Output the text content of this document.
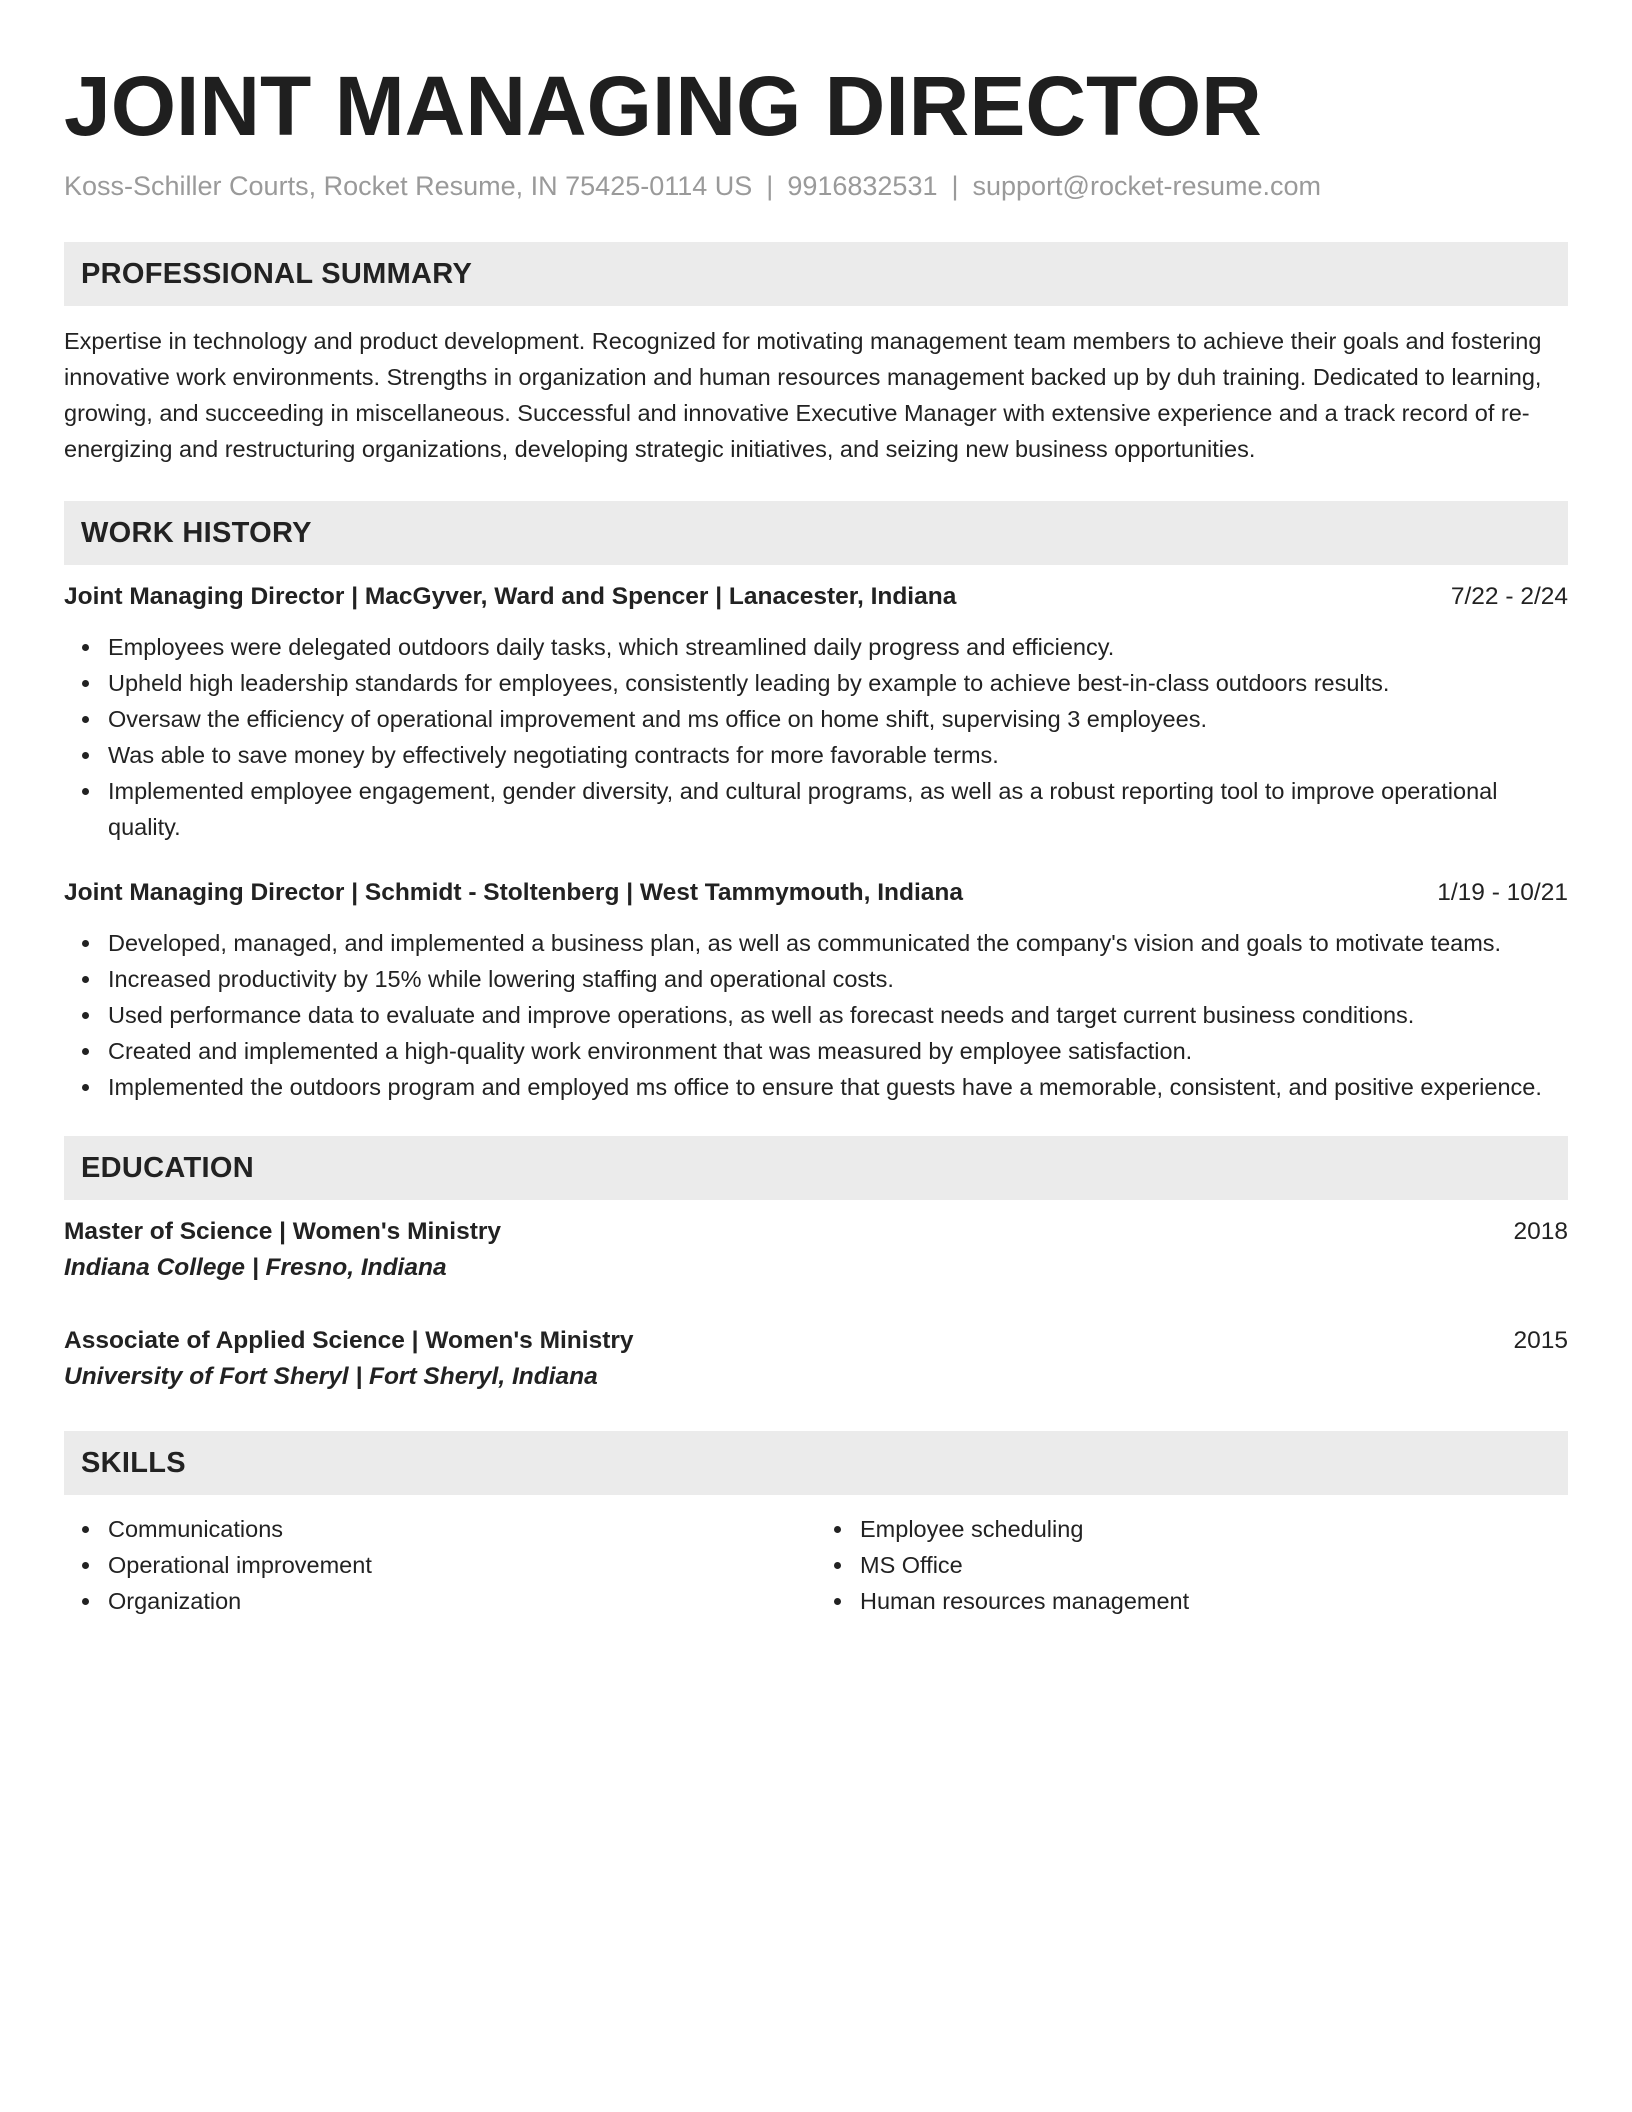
JOINT MANAGING DIRECTOR
Koss-Schiller Courts, Rocket Resume, IN 75425-0114 US | 9916832531 | support@rocket-resume.com
PROFESSIONAL SUMMARY

Expertise in technology and product development. Recognized for motivating management team members to achieve their goals and fostering innovative work environments. Strengths in organization and human resources management backed up by duh training. Dedicated to learning, growing, and succeeding in miscellaneous. Successful and innovative Executive Manager with extensive experience and a track record of re-energizing and restructuring organizations, developing strategic initiatives, and seizing new business opportunities.

WORK HISTORY
Joint Managing Director | MacGyver, Ward and Spencer | Lanacester, Indiana	7/22 - 2/24
Employees were delegated outdoors daily tasks, which streamlined daily progress and efficiency.
Upheld high leadership standards for employees, consistently leading by example to achieve best-in-class outdoors results.
Oversaw the efficiency of operational improvement and ms office on home shift, supervising 3 employees.
Was able to save money by effectively negotiating contracts for more favorable terms.
Implemented employee engagement, gender diversity, and cultural programs, as well as a robust reporting tool to improve operational quality.
Joint Managing Director | Schmidt - Stoltenberg | West Tammymouth, Indiana	1/19 - 10/21
Developed, managed, and implemented a business plan, as well as communicated the company's vision and goals to motivate teams.
Increased productivity by 15% while lowering staffing and operational costs.
Used performance data to evaluate and improve operations, as well as forecast needs and target current business conditions.
Created and implemented a high-quality work environment that was measured by employee satisfaction.
Implemented the outdoors program and employed ms office to ensure that guests have a memorable, consistent, and positive experience.
EDUCATION
Master of Science | Women's Ministry	2018
Indiana College | Fresno, Indiana
Associate of Applied Science | Women's Ministry	2015
University of Fort Sheryl | Fort Sheryl, Indiana
SKILLS
Communications
Operational improvement
Organization
Employee scheduling
MS Office
Human resources management
